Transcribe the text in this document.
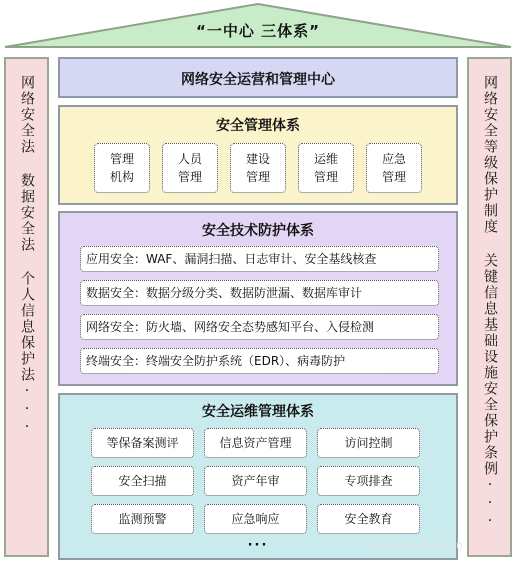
“一中心 三体系”
网络安全法 数据安全法 个人信息保护法···	网络安全等级保护制度 关键信息基础设施安全保护条例···
网络安全运营和管理中心
安全管理体系
管理
机构
人员
管理
建设
管理
运维
管理
应急
管理
安全技术防护体系
应用安全：WAF、漏洞扫描、日志审计、安全基线核查
数据安全：数据分级分类、数据防泄漏、数据库审计
网络安全：防火墙、网络安全态势感知平台、入侵检测
终端安全：终端安全防护系统（EDR）、病毒防护
安全运维管理体系
等保备案测评	信息资产管理	访问控制
安全扫描	资产年审	专项排查
监测预警	应急响应	安全教育
···	jyt.shaanxi.gov.cn
